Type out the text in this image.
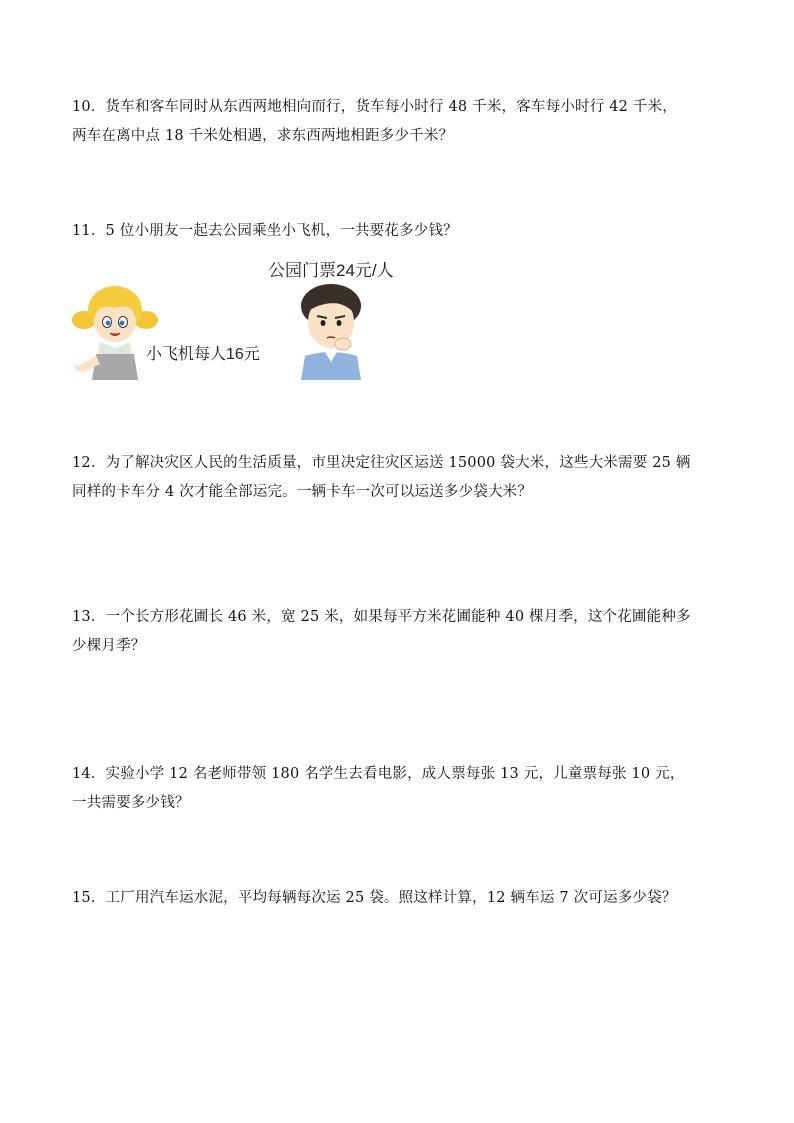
10．货车和客车同时从东西两地相向而行，货车每小时行 48 千米，客车每小时行 42 千米，

两车在离中点 18 千米处相遇，求东西两地相距多少千米？

11．5 位小朋友一起去公园乘坐小飞机，一共要花多少钱？

公园门票24元/人
小飞机每人16元

12．为了解决灾区人民的生活质量，市里决定往灾区运送 15000 袋大米，这些大米需要 25 辆

同样的卡车分 4 次才能全部运完。一辆卡车一次可以运送多少袋大米？

13．一个长方形花圃长 46 米，宽 25 米，如果每平方米花圃能种 40 棵月季，这个花圃能种多

少棵月季？

14．实验小学 12 名老师带领 180 名学生去看电影，成人票每张 13 元，儿童票每张 10 元，

一共需要多少钱？

15．工厂用汽车运水泥，平均每辆每次运 25 袋。照这样计算，12 辆车运 7 次可运多少袋？
